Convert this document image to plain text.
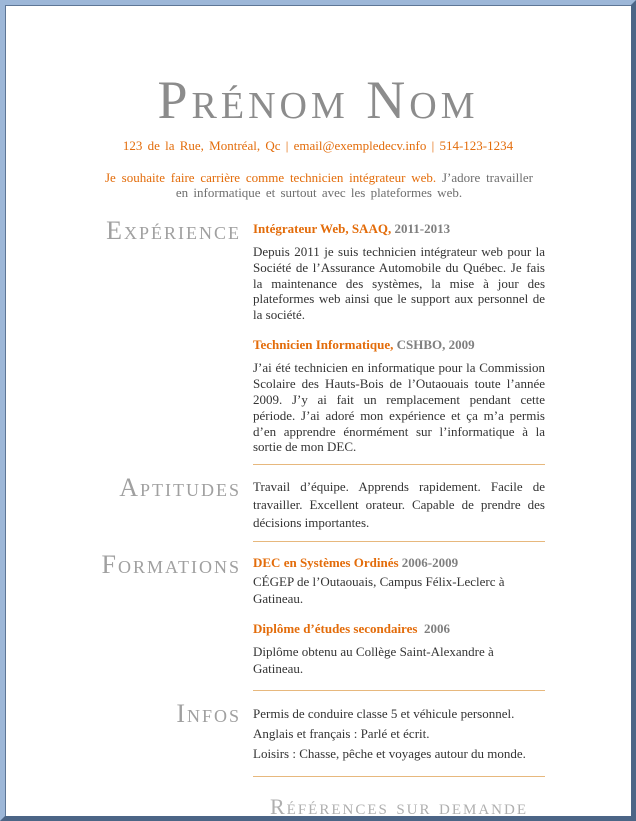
Prénom Nom
123 de la Rue, Montréal, Qc | email@exempledecv.info | 514-123-1234

Je souhaite faire carrière comme technicien intégrateur web. J’adore travailler en informatique et surtout avec les plateformes web.

Expérience Intégrateur Web, SAAQ, 2011-2013

Depuis 2011 je suis technicien intégrateur web pour la Société de l’Assurance Automobile du Québec. Je fais la maintenance des systèmes, la mise à jour des plateformes web ainsi que le support aux personnel de la société.

Technicien Informatique, CSHBO, 2009

J’ai été technicien en informatique pour la Commission Scolaire des Hauts-Bois de l’Outaouais toute l’année 2009. J’y ai fait un remplacement pendant cette période. J’ai adoré mon expérience et ça m’a permis d’en apprendre énormément sur l’informatique à la sortie de mon DEC.

Aptitudes Travail d’équipe. Apprends rapidement. Facile de travailler. Excellent orateur. Capable de prendre des décisions importantes.

Formations DEC en Systèmes Ordinés 2006-2009

CÉGEP de l’Outaouais, Campus Félix-Leclerc à Gatineau.

Diplôme d’études secondaires 2006

Diplôme obtenu au Collège Saint-Alexandre à Gatineau.

Infos Permis de conduire classe 5 et véhicule personnel.
Anglais et français : Parlé et écrit.
Loisirs : Chasse, pêche et voyages autour du monde.
Références sur demande
